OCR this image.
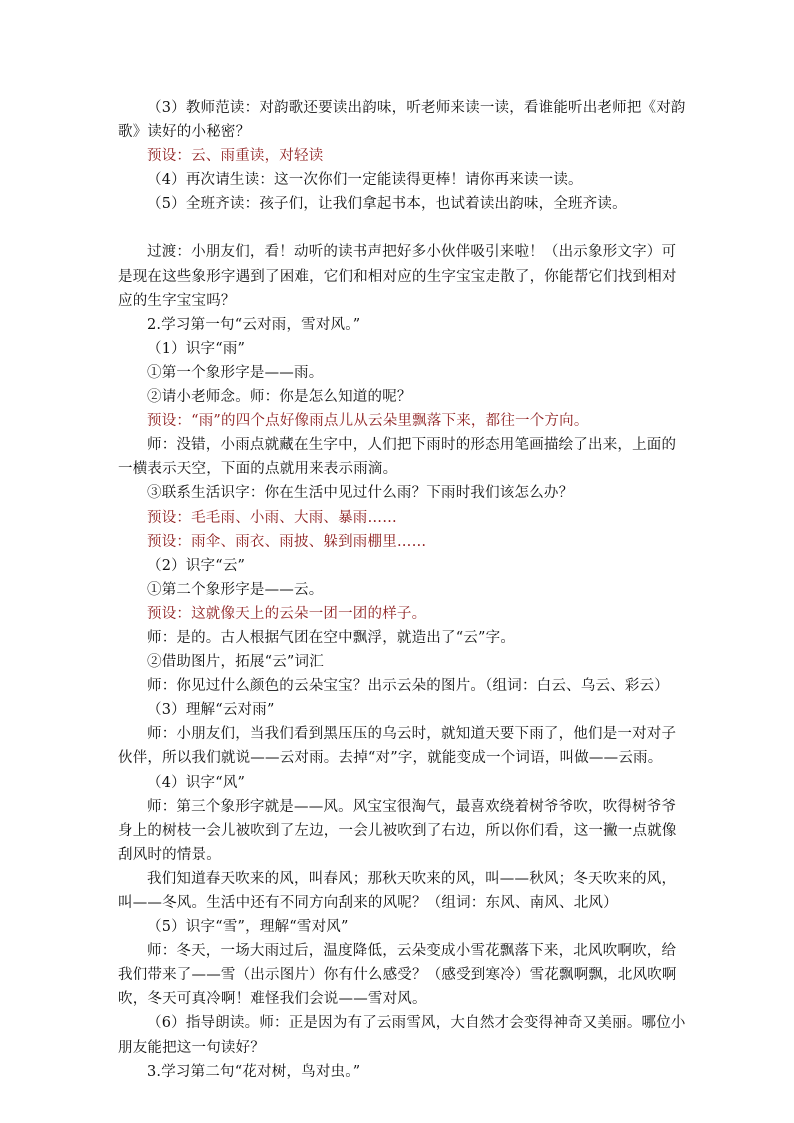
（3）教师范读：对韵歌还要读出韵味，听老师来读一读，看谁能听出老师把《对韵歌》读好的小秘密？

预设：云、雨重读，对轻读

（4）再次请生读：这一次你们一定能读得更棒！请你再来读一读。

（5）全班齐读：孩子们，让我们拿起书本，也试着读出韵味，全班齐读。

过渡：小朋友们，看！动听的读书声把好多小伙伴吸引来啦！（出示象形文字）可是现在这些象形字遇到了困难，它们和相对应的生字宝宝走散了，你能帮它们找到相对应的生字宝宝吗？

2.学习第一句“云对雨，雪对风。”

（1）识字“雨”

①第一个象形字是——雨。

②请小老师念。师：你是怎么知道的呢？

预设：“雨”的四个点好像雨点儿从云朵里飘落下来，都往一个方向。

师：没错，小雨点就藏在生字中，人们把下雨时的形态用笔画描绘了出来，上面的一横表示天空，下面的点就用来表示雨滴。

③联系生活识字：你在生活中见过什么雨？下雨时我们该怎么办？

预设：毛毛雨、小雨、大雨、暴雨……

预设：雨伞、雨衣、雨披、躲到雨棚里……

（2）识字“云”

①第二个象形字是——云。

预设：这就像天上的云朵一团一团的样子。

师：是的。古人根据气团在空中飘浮，就造出了“云”字。

②借助图片，拓展“云”词汇

师：你见过什么颜色的云朵宝宝？出示云朵的图片。（组词：白云、乌云、彩云）

（3）理解“云对雨”

师：小朋友们，当我们看到黑压压的乌云时，就知道天要下雨了，他们是一对对子伙伴，所以我们就说——云对雨。去掉“对”字，就能变成一个词语，叫做——云雨。

（4）识字“风”

师：第三个象形字就是——风。风宝宝很淘气，最喜欢绕着树爷爷吹，吹得树爷爷身上的树枝一会儿被吹到了左边，一会儿被吹到了右边，所以你们看，这一撇一点就像刮风时的情景。

我们知道春天吹来的风，叫春风；那秋天吹来的风，叫——秋风；冬天吹来的风，叫——冬风。生活中还有不同方向刮来的风呢？（组词：东风、南风、北风）

（5）识字“雪”，理解“雪对风”

师：冬天，一场大雨过后，温度降低，云朵变成小雪花飘落下来，北风吹啊吹，给我们带来了——雪（出示图片）你有什么感受？（感受到寒冷）雪花飘啊飘，北风吹啊吹，冬天可真冷啊！难怪我们会说——雪对风。

（6）指导朗读。师：正是因为有了云雨雪风，大自然才会变得神奇又美丽。哪位小朋友能把这一句读好？

3.学习第二句“花对树，鸟对虫。”
